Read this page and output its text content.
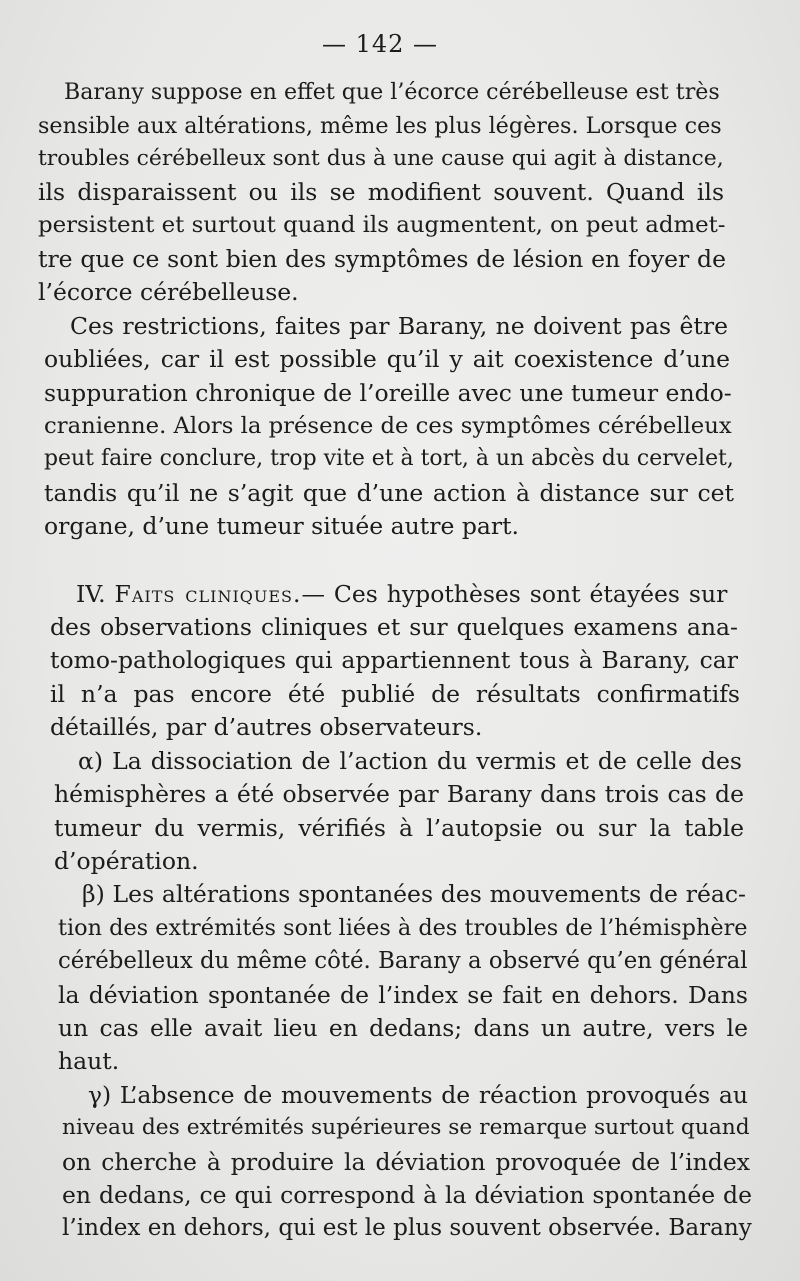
— 142 —
Barany suppose en effet que l’écorce cérébelleuse est très
sensible aux altérations, même les plus légères. Lorsque ces
troubles cérébelleux sont dus à une cause qui agit à distance,
ils disparaissent ou ils se modifient souvent. Quand ils
persistent et surtout quand ils augmentent, on peut admet-
tre que ce sont bien des symptômes de lésion en foyer de
l’écorce cérébelleuse.
Ces restrictions, faites par Barany, ne doivent pas être
oubliées, car il est possible qu’il y ait coexistence d’une
suppuration chronique de l’oreille avec une tumeur endo-
cranienne. Alors la présence de ces symptômes cérébelleux
peut faire conclure, trop vite et à tort, à un abcès du cervelet,
tandis qu’il ne s’agit que d’une action à distance sur cet
organe, d’une tumeur située autre part.
IV. Faits cliniques.— Ces hypothèses sont étayées sur
des observations cliniques et sur quelques examens ana-
tomo-pathologiques qui appartiennent tous à Barany, car
il n’a pas encore été publié de résultats confirmatifs
détaillés, par d’autres observateurs.
α) La dissociation de l’action du vermis et de celle des
hémisphères a été observée par Barany dans trois cas de
tumeur du vermis, vérifiés à l’autopsie ou sur la table
d’opération.
β) Les altérations spontanées des mouvements de réac-
tion des extrémités sont liées à des troubles de l’hémisphère
cérébelleux du même côté. Barany a observé qu’en général
la déviation spontanée de l’index se fait en dehors. Dans
un cas elle avait lieu en dedans; dans un autre, vers le
haut.
γ) L’absence de mouvements de réaction provoqués au
niveau des extrémités supérieures se remarque surtout quand
on cherche à produire la déviation provoquée de l’index
en dedans, ce qui correspond à la déviation spontanée de
l’index en dehors, qui est le plus souvent observée. Barany
